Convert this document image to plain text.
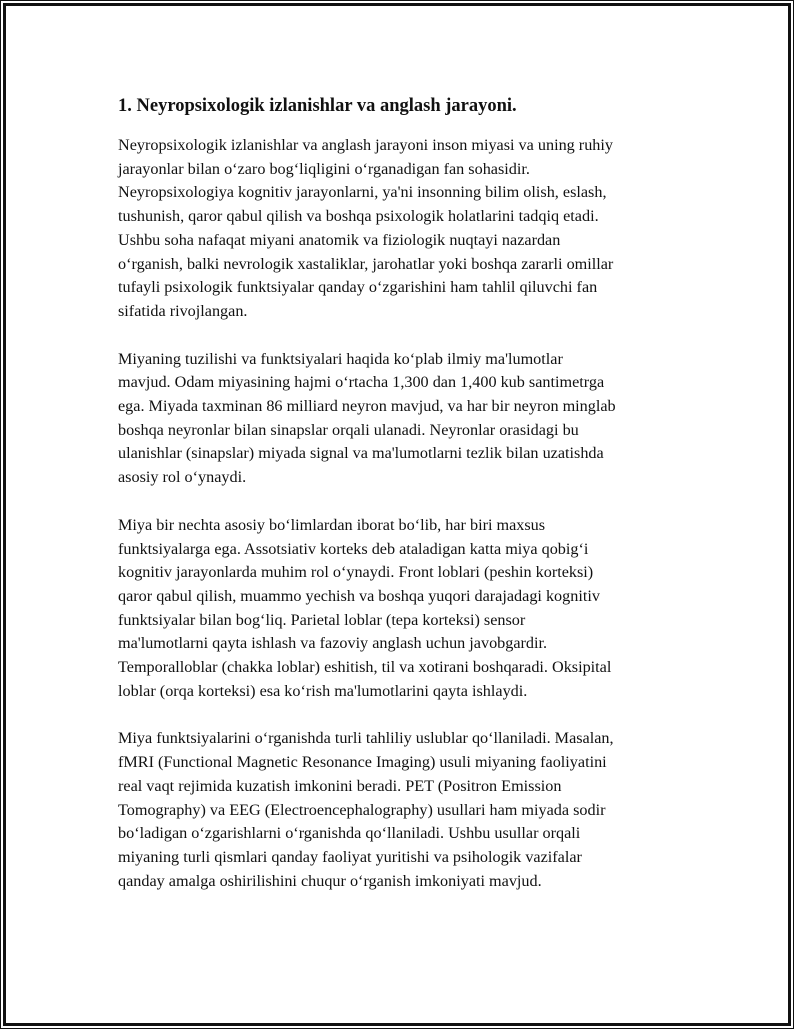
1. Neyropsixologik izlanishlar va anglash jarayoni.
Neyropsixologik izlanishlar va anglash jarayoni inson miyasi va uning ruhiy
jarayonlar bilan o‘zaro bog‘liqligini o‘rganadigan fan sohasidir.
Neyropsixologiya kognitiv jarayonlarni, ya'ni insonning bilim olish, eslash,
tushunish, qaror qabul qilish va boshqa psixologik holatlarini tadqiq etadi.
Ushbu soha nafaqat miyani anatomik va fiziologik nuqtayi nazardan
o‘rganish, balki nevrologik xastaliklar, jarohatlar yoki boshqa zararli omillar
tufayli psixologik funktsiyalar qanday o‘zgarishini ham tahlil qiluvchi fan
sifatida rivojlangan.
Miyaning tuzilishi va funktsiyalari haqida ko‘plab ilmiy ma'lumotlar
mavjud. Odam miyasining hajmi o‘rtacha 1,300 dan 1,400 kub santimetrga
ega. Miyada taxminan 86 milliard neyron mavjud, va har bir neyron minglab
boshqa neyronlar bilan sinapslar orqali ulanadi. Neyronlar orasidagi bu
ulanishlar (sinapslar) miyada signal va ma'lumotlarni tezlik bilan uzatishda
asosiy rol o‘ynaydi.
Miya bir nechta asosiy bo‘limlardan iborat bo‘lib, har biri maxsus
funktsiyalarga ega. Assotsiativ korteks deb ataladigan katta miya qobig‘i
kognitiv jarayonlarda muhim rol o‘ynaydi. Front loblari (peshin korteksi)
qaror qabul qilish, muammo yechish va boshqa yuqori darajadagi kognitiv
funktsiyalar bilan bog‘liq. Parietal loblar (tepa korteksi) sensor
ma'lumotlarni qayta ishlash va fazoviy anglash uchun javobgardir.
Temporalloblar (chakka loblar) eshitish, til va xotirani boshqaradi. Oksipital
loblar (orqa korteksi) esa ko‘rish ma'lumotlarini qayta ishlaydi.
Miya funktsiyalarini o‘rganishda turli tahliliy uslublar qo‘llaniladi. Masalan,
fMRI (Functional Magnetic Resonance Imaging) usuli miyaning faoliyatini
real vaqt rejimida kuzatish imkonini beradi. PET (Positron Emission
Tomography) va EEG (Electroencephalography) usullari ham miyada sodir
bo‘ladigan o‘zgarishlarni o‘rganishda qo‘llaniladi. Ushbu usullar orqali
miyaning turli qismlari qanday faoliyat yuritishi va psihologik vazifalar
qanday amalga oshirilishini chuqur o‘rganish imkoniyati mavjud.
